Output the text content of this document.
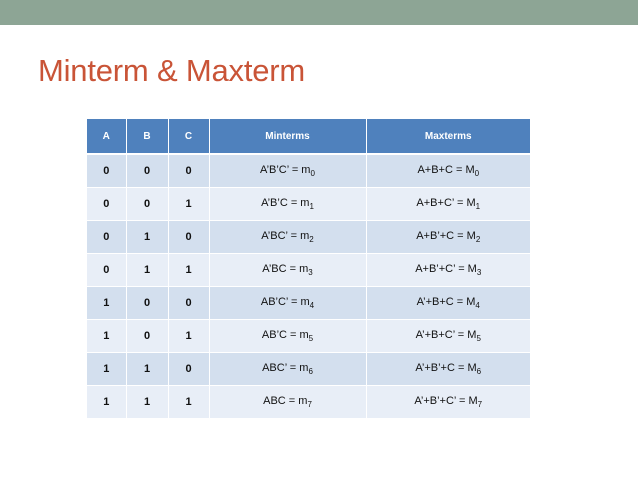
Minterm & Maxterm
A	B	C	Minterms	Maxterms
0	0	0	A’B’C’ = $m_0$	$A+B+C = M_0$
0	0	1	A’B’C = $m_1$	A+B+C’ = $M_1$
0	1	0	A’BC’ = $m_2$	A+B’+C = $M_2$
0	1	1	A’BC = $m_3$	A+B’+C’ = $M_3$
1	0	0	AB’C’ = $m_4$	A’+B+C = $M_4$
1	0	1	AB’C = $m_5$	A’+B+C’ = $M_5$
1	1	0	ABC’ = $m_6$	A’+B’+C = $M_6$
1	1	1	ABC = $m_7$	A’+B’+C’ = $M_7$
